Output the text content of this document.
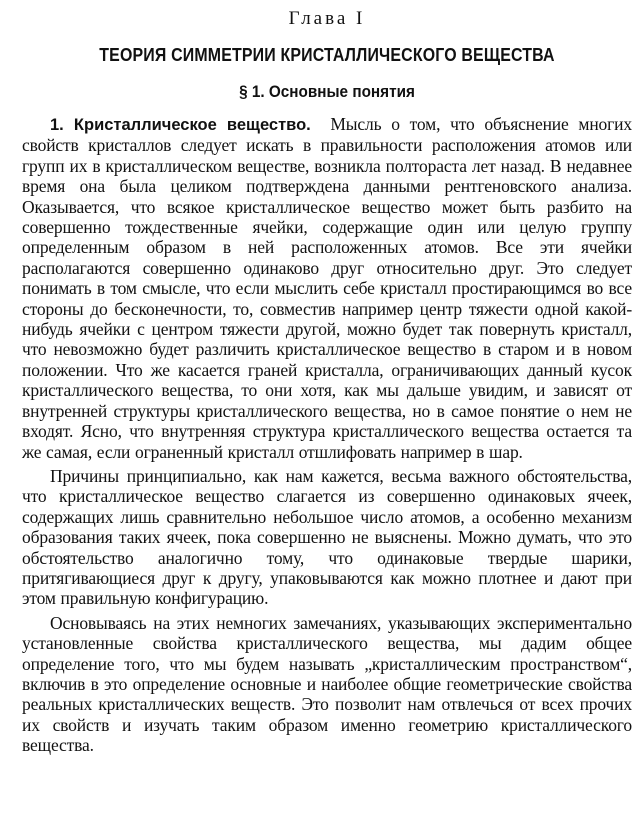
Глава I
ТЕОРИЯ СИММЕТРИИ КРИСТАЛЛИЧЕСКОГО ВЕЩЕСТВА
§ 1. Основные понятия

1. Кристаллическое вещество. Мысль о том, что объяснение многих свойств кристаллов следует искать в правильности расположения атомов или групп их в кристаллическом веществе, возникла полтораста лет назад. В недавнее время она была целиком подтверждена данными рентгеновского анализа. Оказывается, что всякое кристаллическое вещество может быть разбито на совершенно тождественные ячейки, содержащие один или целую группу определенным образом в ней расположенных атомов. Все эти ячейки располагаются совершенно одинаково друг относительно друг. Это следует понимать в том смысле, что если мыслить себе кристалл простирающимся во все стороны до бесконечности, то, совместив например центр тяжести одной какой-нибудь ячейки с центром тяжести другой, можно будет так повернуть кристалл, что невозможно будет различить кристаллическое вещество в старом и в новом положении. Что же касается граней кристалла, ограничивающих данный кусок кристаллического вещества, то они хотя, как мы дальше увидим, и зависят от внутренней структуры кристаллического вещества, но в самое понятие о нем не входят. Ясно, что внутренняя структура кристаллического вещества остается та же самая, если ограненный кристалл отшлифовать например в шар.

Причины принципиально, как нам кажется, весьма важного обстоятельства, что кристаллическое вещество слагается из совершенно одинаковых ячеек, содержащих лишь сравнительно небольшое число атомов, а особенно механизм образования таких ячеек, пока совершенно не выяснены. Можно думать, что это обстоятельство аналогично тому, что одинаковые твердые шарики, притягивающиеся друг к другу, упаковываются как можно плотнее и дают при этом правильную конфигурацию.

Основываясь на этих немногих замечаниях, указывающих экспериментально установленные свойства кристаллического вещества, мы дадим общее определение того, что мы будем называть „кристаллическим пространством“, включив в это определение основные и наиболее общие геометрические свойства реальных кристаллических веществ. Это позволит нам отвлечься от всех прочих их свойств и изучать таким образом именно геометрию кристаллического вещества.
